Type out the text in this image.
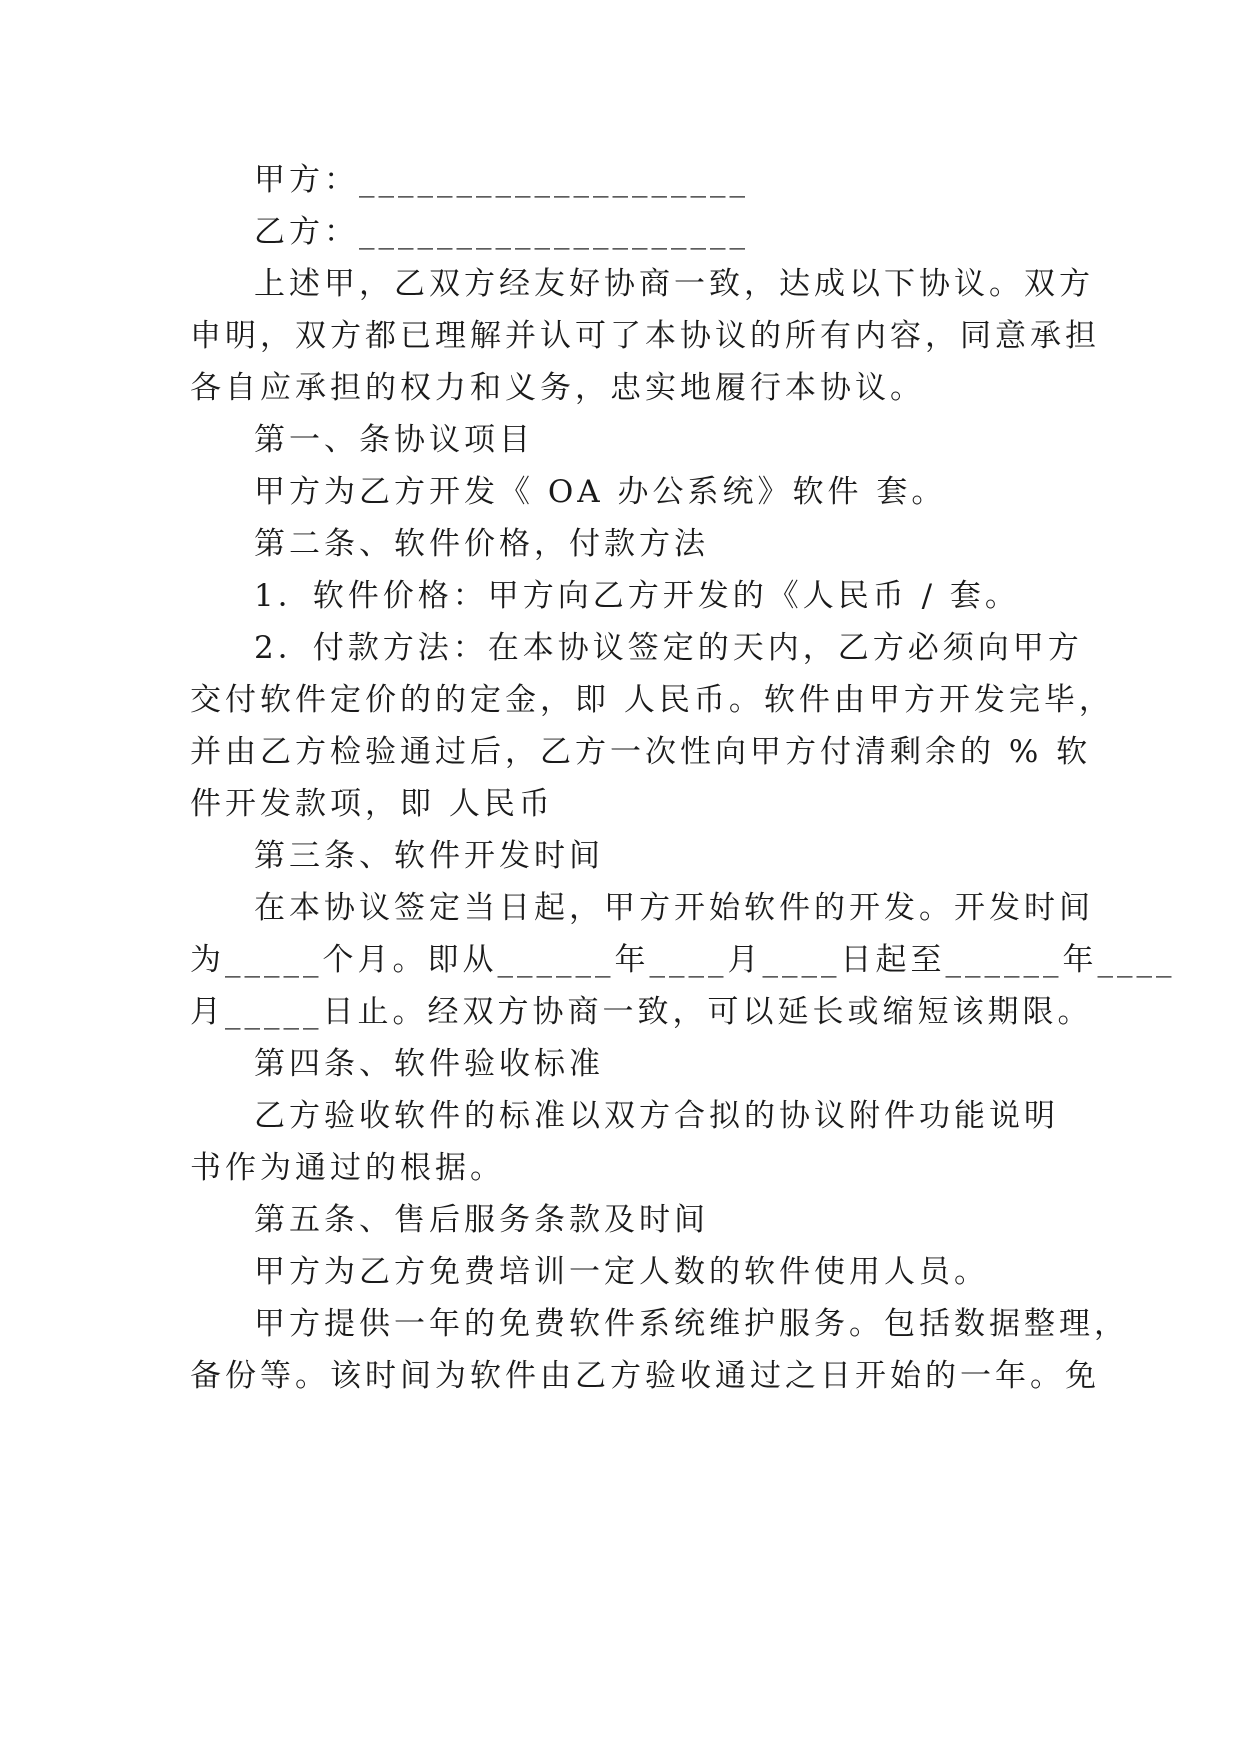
甲方：____________________
乙方：____________________
上述甲，乙双方经友好协商一致，达成以下协议。双方
申明，双方都已理解并认可了本协议的所有内容，同意承担
各自应承担的权力和义务，忠实地履行本协议。
第一、条协议项目
甲方为乙方开发《 OA 办公系统》软件 套。
第二条、软件价格，付款方法
1．软件价格：甲方向乙方开发的《人民币 / 套。
2．付款方法：在本协议签定的天内，乙方必须向甲方
交付软件定价的的定金，即 人民币。软件由甲方开发完毕，
并由乙方检验通过后，乙方一次性向甲方付清剩余的 % 软
件开发款项，即 人民币
第三条、软件开发时间
在本协议签定当日起，甲方开始软件的开发。开发时间
为_____个月。即从______年____月____日起至______年____
月_____日止。经双方协商一致，可以延长或缩短该期限。
第四条、软件验收标准
乙方验收软件的标准以双方合拟的协议附件功能说明
书作为通过的根据。
第五条、售后服务条款及时间
甲方为乙方免费培训一定人数的软件使用人员。
甲方提供一年的免费软件系统维护服务。包括数据整理，
备份等。该时间为软件由乙方验收通过之日开始的一年。免
